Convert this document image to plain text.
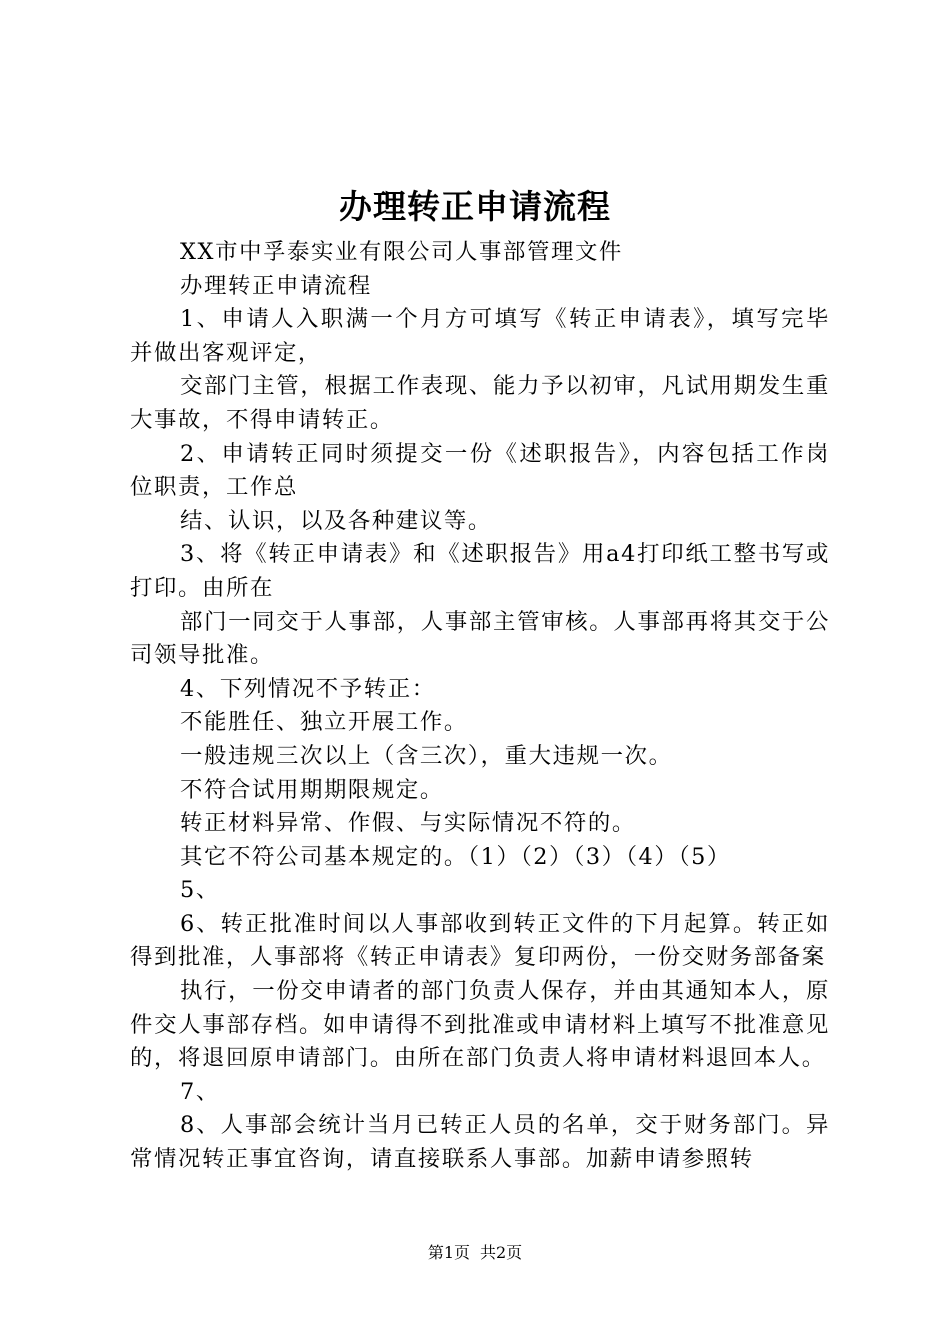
办理转正申请流程

XX市中孚泰实业有限公司人事部管理文件

办理转正申请流程

1、申请人入职满一个月方可填写《转正申请表》，填写完毕并做出客观评定，

交部门主管，根据工作表现、能力予以初审，凡试用期发生重大事故，不得申请转正。

2、申请转正同时须提交一份《述职报告》，内容包括工作岗位职责，工作总

结、认识，以及各种建议等。

3、将《转正申请表》和《述职报告》用a4打印纸工整书写或打印。由所在

部门一同交于人事部，人事部主管审核。人事部再将其交于公司领导批准。

4、下列情况不予转正：

不能胜任、独立开展工作。

一般违规三次以上（含三次），重大违规一次。

不符合试用期期限规定。

转正材料异常、作假、与实际情况不符的。

其它不符公司基本规定的。（1）（2）（3）（4）（5）

5、

6、转正批准时间以人事部收到转正文件的下月起算。转正如得到批准，人事部将《转正申请表》复印两份，一份交财务部备案

执行，一份交申请者的部门负责人保存，并由其通知本人，原件交人事部存档。如申请得不到批准或申请材料上填写不批准意见的，将退回原申请部门。由所在部门负责人将申请材料退回本人。

7、

8、人事部会统计当月已转正人员的名单，交于财务部门。异常情况转正事宜咨询，请直接联系人事部。加薪申请参照转

第1页 共2页
